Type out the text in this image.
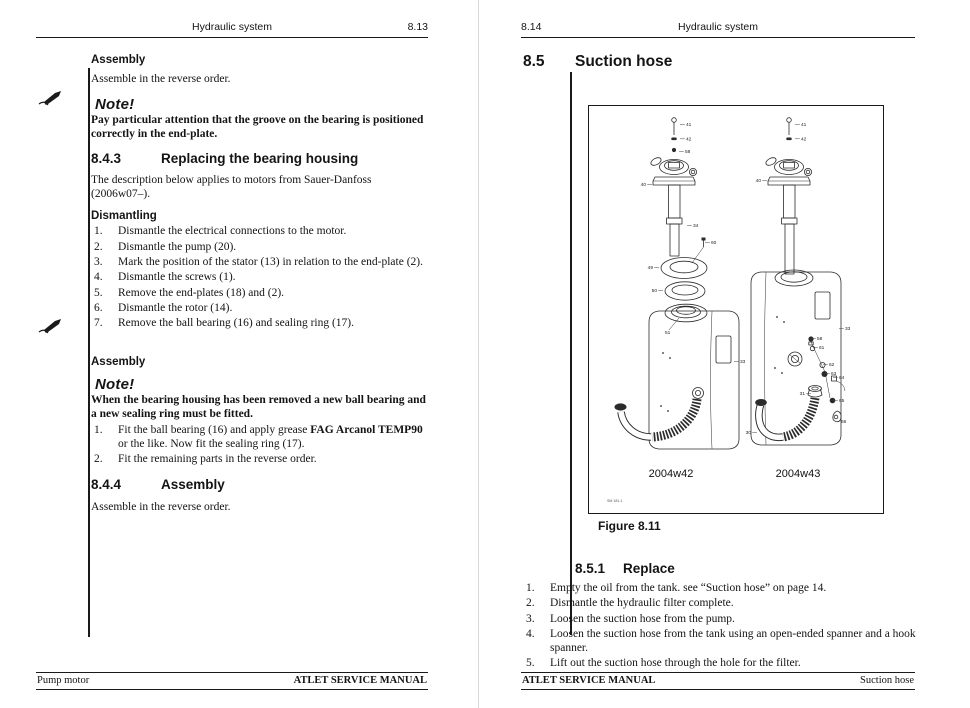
Hydraulic system	8.13
Assembly

Assemble in the reverse order.

Note!

Pay particular attention that the groove on the bearing is positioned correctly in the end-plate.

8.4.3	Replacing the bearing housing

The description below applies to motors from Sauer-Danfoss (2006w07–).

Dismantling
Dismantle the electrical connections to the motor.
Dismantle the pump (20).
Mark the position of the stator (13) in relation to the end-plate (2).
Dismantle the screws (1).
Remove the end-plates (18) and (2).
Dismantle the rotor (14).
Remove the ball bearing (16) and sealing ring (17).
Assembly
Note!

When the bearing housing has been removed a new ball bearing and a new sealing ring must be fitted.

Fit the ball bearing (16) and apply grease FAG Arcanol TEMP90 or the like. Now fit the sealing ring (17).
Fit the remaining parts in the reverse order.
8.4.4	Assembly

Assemble in the reverse order.

Pump motor	ATLET SERVICE MANUAL
8.14	Hydraulic system
8.5	Suction hose
2004w42	2004w43
SM 181.1
41
42
58
40
34
60
49
50
51
33
41
42
40
33
58
61
62
63
64
31
65
66
30
Figure 8.11
8.5.1	Replace
Empty the oil from the tank. see “Suction hose” on page 14.
Dismantle the hydraulic filter complete.
Loosen the suction hose from the pump.
Loosen the suction hose from the tank using an open-ended spanner and a hook spanner.
Lift out the suction hose through the hole for the filter.
ATLET SERVICE MANUAL	Suction hose
